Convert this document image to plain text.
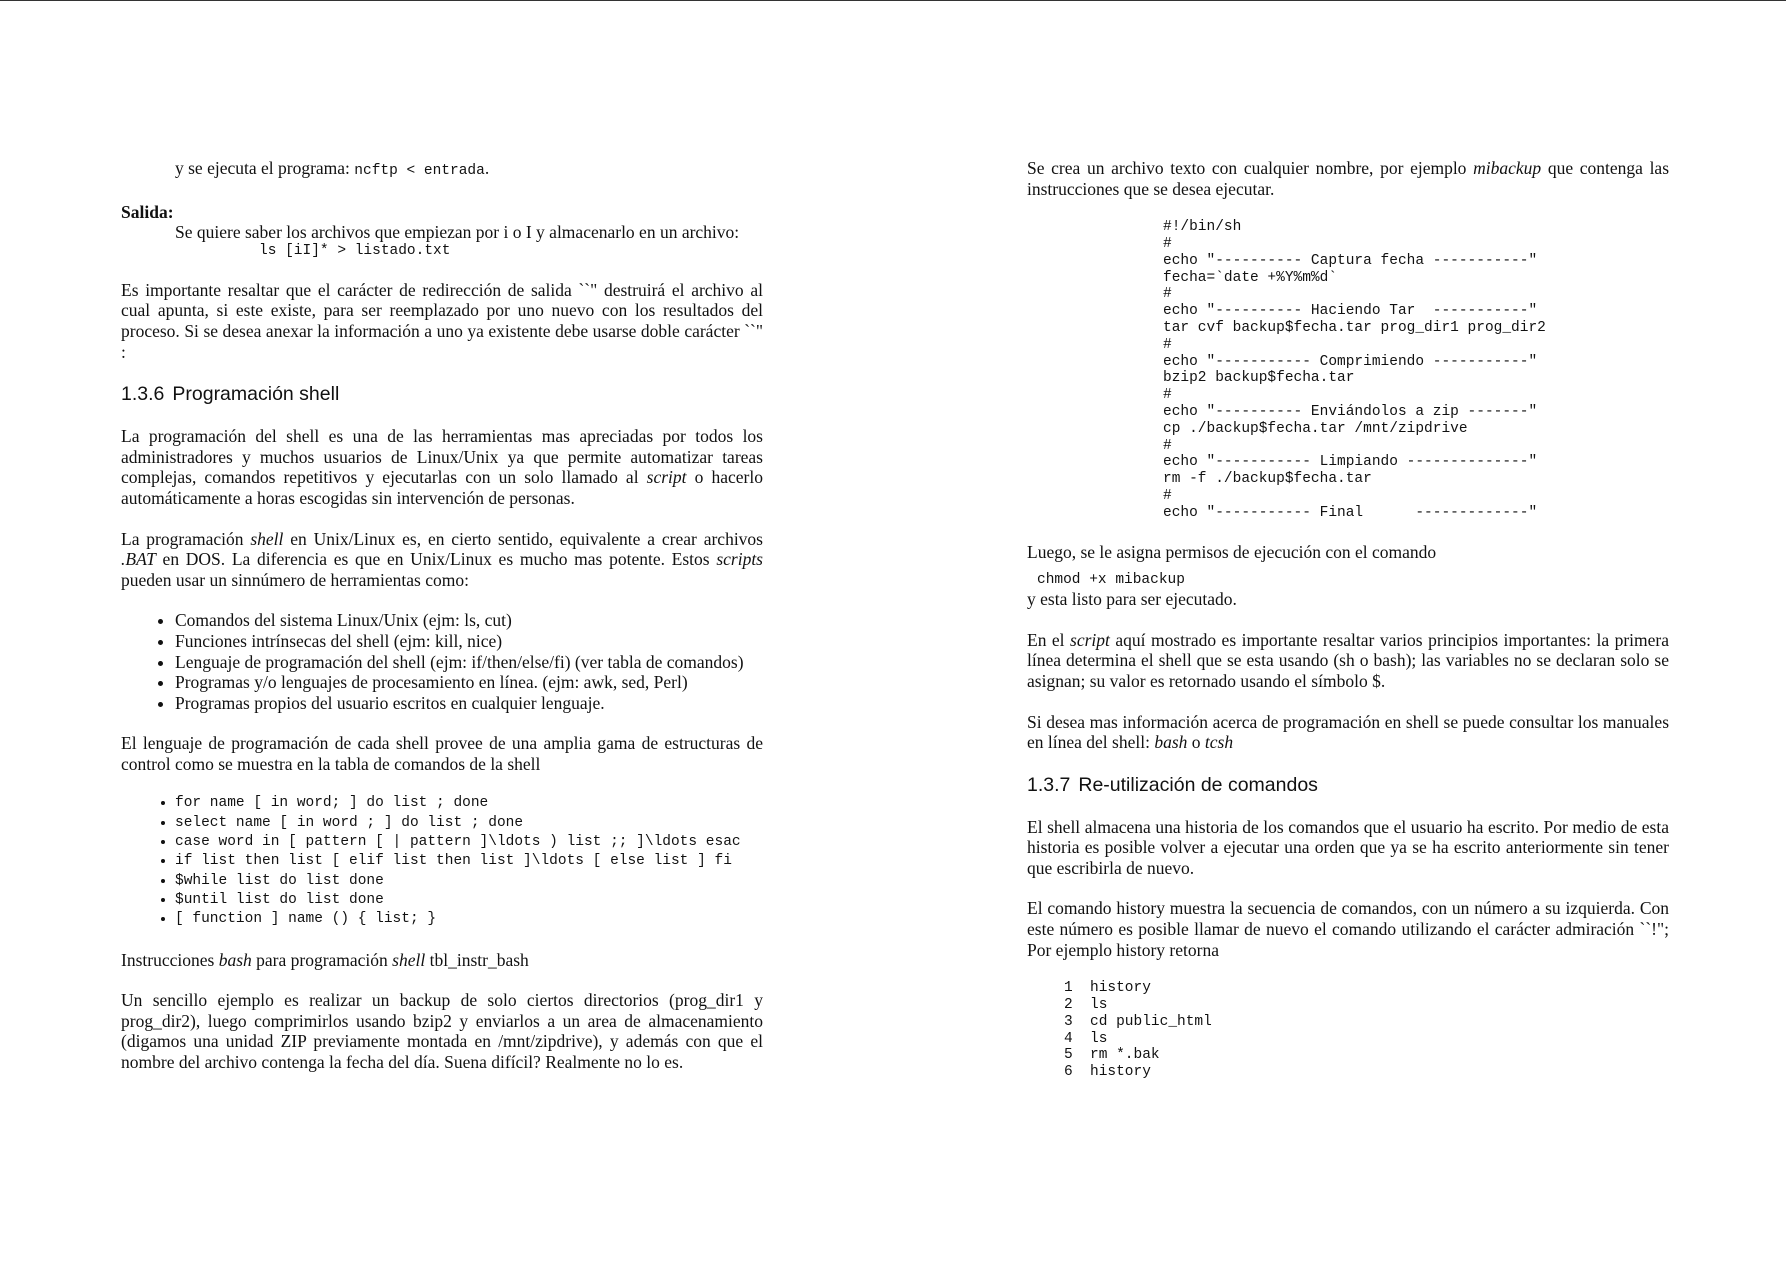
y se ejecuta el programa: ncftp < entrada.

Salida:

Se quiere saber los archivos que empiezan por i o I y almacenarlo en un archivo:

ls [iI]* > listado.txt

Es importante resaltar que el carácter de redirección de salida ``" destruirá el archivo al cual apunta, si este existe, para ser reemplazado por uno nuevo con los resultados del proceso. Si se desea anexar la información a uno ya existente debe usarse doble carácter ``" :

1.3.6 Programación shell

La programación del shell es una de las herramientas mas apreciadas por todos los administradores y muchos usuarios de Linux/Unix ya que permite automatizar tareas complejas, comandos repetitivos y ejecutarlas con un solo llamado al script o hacerlo automáticamente a horas escogidas sin intervención de personas.

La programación shell en Unix/Linux es, en cierto sentido, equivalente a crear archivos .BAT en DOS. La diferencia es que en Unix/Linux es mucho mas potente. Estos scripts pueden usar un sinnúmero de herramientas como:

• Comandos del sistema Linux/Unix (ejm: ls, cut)
• Funciones intrínsecas del shell (ejm: kill, nice)
• Lenguaje de programación del shell (ejm: if/then/else/fi) (ver tabla de comandos)
• Programas y/o lenguajes de procesamiento en línea. (ejm: awk, sed, Perl)
• Programas propios del usuario escritos en cualquier lenguaje.

El lenguaje de programación de cada shell provee de una amplia gama de estructuras de control como se muestra en la tabla de comandos de la shell

• for name [ in word; ] do list ; done
• select name [ in word ; ] do list ; done
• case word in [ pattern [ | pattern ]\ldots ) list ;; ]\ldots esac
• if list then list [ elif list then list ]\ldots [ else list ] fi
• $while list do list done
• $until list do list done
• [ function ] name () { list; }

Instrucciones bash para programación shell tbl_instr_bash

Un sencillo ejemplo es realizar un backup de solo ciertos directorios (prog_dir1 y prog_dir2), luego comprimirlos usando bzip2 y enviarlos a un area de almacenamiento (digamos una unidad ZIP previamente montada en /mnt/zipdrive), y además con que el nombre del archivo contenga la fecha del día. Suena difícil? Realmente no lo es.

Se crea un archivo texto con cualquier nombre, por ejemplo mibackup que contenga las instrucciones que se desea ejecutar.

#!/bin/sh
#
echo "---------- Captura fecha -----------"
fecha=`date +%Y%m%d`
#
echo "---------- Haciendo Tar  -----------"
tar cvf backup$fecha.tar prog_dir1 prog_dir2
#
echo "----------- Comprimiendo -----------"
bzip2 backup$fecha.tar
#
echo "---------- Enviándolos a zip -------"
cp ./backup$fecha.tar /mnt/zipdrive
#
echo "----------- Limpiando --------------"
rm -f ./backup$fecha.tar
#
echo "----------- Final      -------------"

Luego, se le asigna permisos de ejecución con el comando

chmod +x mibackup

y esta listo para ser ejecutado.

En el script aquí mostrado es importante resaltar varios principios importantes: la primera línea determina el shell que se esta usando (sh o bash); las variables no se declaran solo se asignan; su valor es retornado usando el símbolo $.

Si desea mas información acerca de programación en shell se puede consultar los manuales en línea del shell: bash o tcsh

1.3.7 Re-utilización de comandos

El shell almacena una historia de los comandos que el usuario ha escrito. Por medio de esta historia es posible volver a ejecutar una orden que ya se ha escrito anteriormente sin tener que escribirla de nuevo.

El comando history muestra la secuencia de comandos, con un número a su izquierda. Con este número es posible llamar de nuevo el comando utilizando el carácter admiración ``!"; Por ejemplo history retorna

1 history
2 ls
3 cd public_html
4 ls
5 rm *.bak
6 history
